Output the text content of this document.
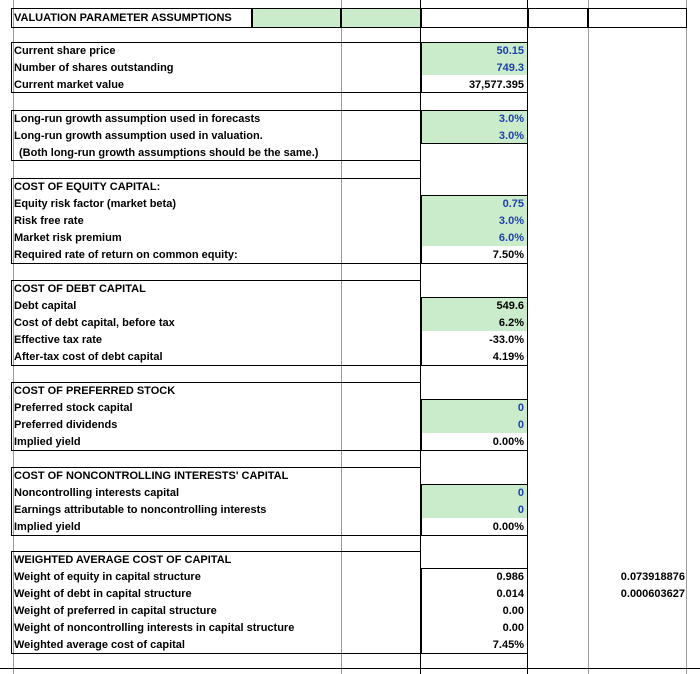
VALUATION PARAMETER ASSUMPTIONS
Current share price	50.15
Number of shares outstanding	749.3
Current market value	37,577.395
Long-run growth assumption used in forecasts	3.0%
Long-run growth assumption used in valuation.	3.0%
(Both long-run growth assumptions should be the same.)
COST OF EQUITY CAPITAL:
Equity risk factor (market beta)	0.75
Risk free rate	3.0%
Market risk premium	6.0%
Required rate of return on common equity:	7.50%
COST OF DEBT CAPITAL
Debt capital	549.6
Cost of debt capital, before tax	6.2%
Effective tax rate	-33.0%
After-tax cost of debt capital	4.19%
COST OF PREFERRED STOCK
Preferred stock capital	0
Preferred dividends	0
Implied yield	0.00%
COST OF NONCONTROLLING INTERESTS' CAPITAL
Noncontrolling interests capital	0
Earnings attributable to noncontrolling interests	0
Implied yield	0.00%
WEIGHTED AVERAGE COST OF CAPITAL
Weight of equity in capital structure	0.986	0.073918876
Weight of debt in capital structure	0.014	0.000603627
Weight of preferred in capital structure	0.00
Weight of noncontrolling interests in capital structure	0.00
Weighted average cost of capital	7.45%
